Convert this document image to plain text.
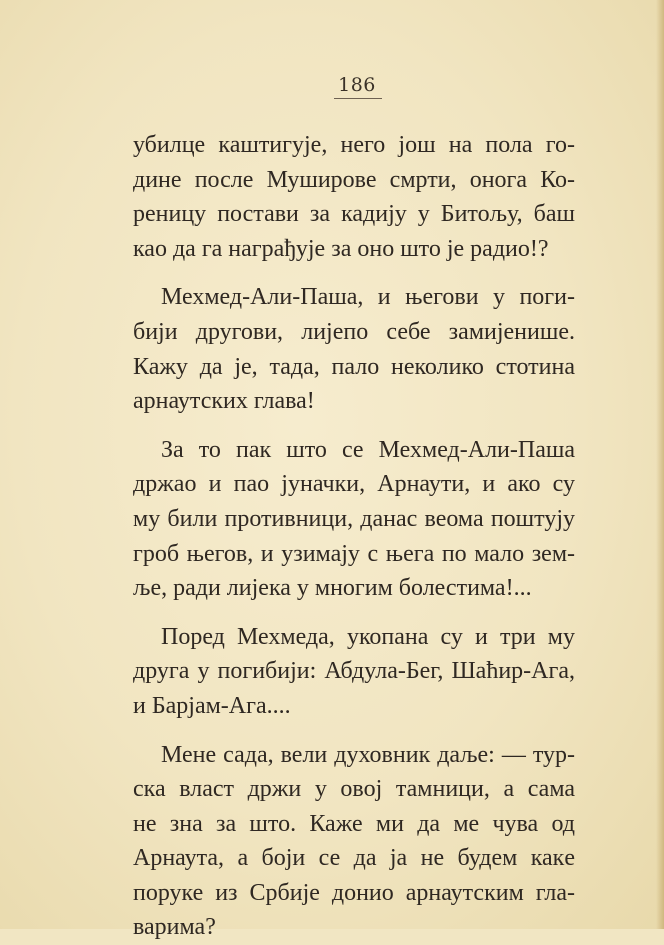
186

убилце каштигује, него још на пола го-
дине после Муширове смрти, онога Ко-
реницу постави за кадију у Битољу, баш
као да га награђује за оно што је радио!?

Мехмед-Али-Паша, и његови у поги-
бији другови, лијепо себе замијенише.
Кажу да је, тада, пало неколико стотина
арнаутских глава!

За то пак што се Мехмед-Али-Паша
држао и пао јуначки, Арнаути, и ако су
му били противници, данас веома поштују
гроб његов, и узимају с њега по мало зем-
ље, ради лијека у многим болестима!...

Поред Мехмеда, укопана су и три му
друга у погибији: Абдула-Бег, Шаћир-Ага,
и Барјам-Ага....

Мене сада, вели духовник даље: — тур-
ска власт држи у овој тамници, а сама
не зна за што. Каже ми да ме чува од
Арнаута, а боји се да ја не будем какe
поруке из Србије донио арнаутским гла-
варима?
